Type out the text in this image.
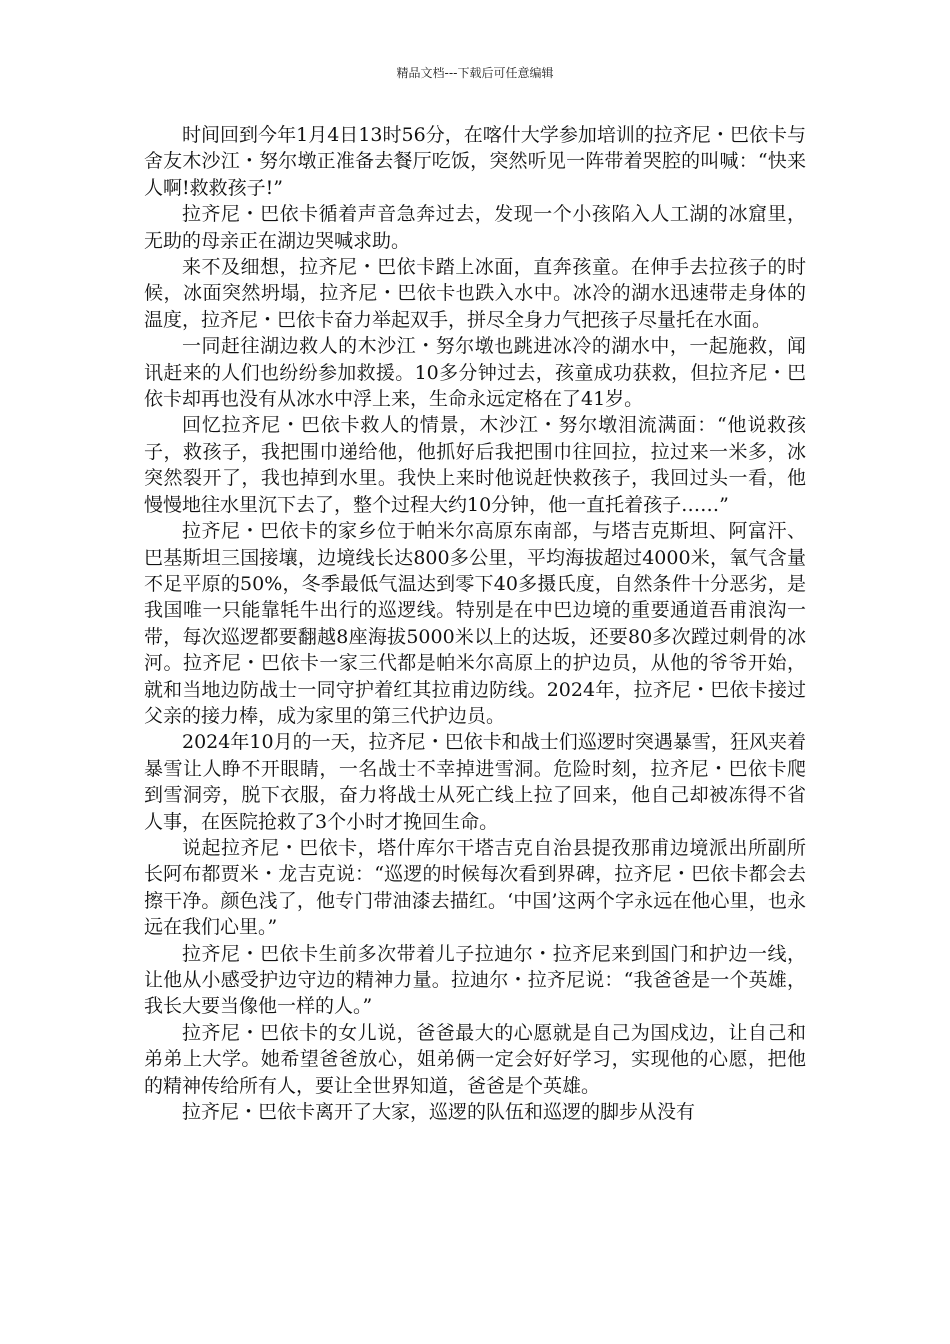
精品文档---下载后可任意编辑

时间回到今年1月4日13时56分，在喀什大学参加培训的拉齐尼・巴依卡与舍友木沙江・努尔墩正准备去餐厅吃饭，突然听见一阵带着哭腔的叫喊：“快来人啊!救救孩子!”

拉齐尼・巴依卡循着声音急奔过去，发现一个小孩陷入人工湖的冰窟里，无助的母亲正在湖边哭喊求助。

来不及细想，拉齐尼・巴依卡踏上冰面，直奔孩童。在伸手去拉孩子的时候，冰面突然坍塌，拉齐尼・巴依卡也跌入水中。冰冷的湖水迅速带走身体的温度，拉齐尼・巴依卡奋力举起双手，拼尽全身力气把孩子尽量托在水面。

一同赶往湖边救人的木沙江・努尔墩也跳进冰冷的湖水中，一起施救，闻讯赶来的人们也纷纷参加救援。10多分钟过去，孩童成功获救，但拉齐尼・巴依卡却再也没有从冰水中浮上来，生命永远定格在了41岁。

回忆拉齐尼・巴依卡救人的情景，木沙江・努尔墩泪流满面：“他说救孩子，救孩子，我把围巾递给他，他抓好后我把围巾往回拉，拉过来一米多，冰突然裂开了，我也掉到水里。我快上来时他说赶快救孩子，我回过头一看，他慢慢地往水里沉下去了，整个过程大约10分钟，他一直托着孩子……”

拉齐尼・巴依卡的家乡位于帕米尔高原东南部，与塔吉克斯坦、阿富汗、巴基斯坦三国接壤，边境线长达800多公里，平均海拔超过4000米，氧气含量不足平原的50%，冬季最低气温达到零下40多摄氏度，自然条件十分恶劣，是我国唯一只能靠牦牛出行的巡逻线。特别是在中巴边境的重要通道吾甫浪沟一带，每次巡逻都要翻越8座海拔5000米以上的达坂，还要80多次蹚过刺骨的冰河。拉齐尼・巴依卡一家三代都是帕米尔高原上的护边员，从他的爷爷开始，就和当地边防战士一同守护着红其拉甫边防线。2024年，拉齐尼・巴依卡接过父亲的接力棒，成为家里的第三代护边员。

2024年10月的一天，拉齐尼・巴依卡和战士们巡逻时突遇暴雪，狂风夹着暴雪让人睁不开眼睛，一名战士不幸掉进雪洞。危险时刻，拉齐尼・巴依卡爬到雪洞旁，脱下衣服，奋力将战士从死亡线上拉了回来，他自己却被冻得不省人事，在医院抢救了3个小时才挽回生命。

说起拉齐尼・巴依卡，塔什库尔干塔吉克自治县提孜那甫边境派出所副所长阿布都贾米・龙吉克说：“巡逻的时候每次看到界碑，拉齐尼・巴依卡都会去擦干净。颜色浅了，他专门带油漆去描红。‘中国’这两个字永远在他心里，也永远在我们心里。”

拉齐尼・巴依卡生前多次带着儿子拉迪尔・拉齐尼来到国门和护边一线，让他从小感受护边守边的精神力量。拉迪尔・拉齐尼说：“我爸爸是一个英雄，我长大要当像他一样的人。”

拉齐尼・巴依卡的女儿说，爸爸最大的心愿就是自己为国戍边，让自己和弟弟上大学。她希望爸爸放心，姐弟俩一定会好好学习，实现他的心愿，把他的精神传给所有人，要让全世界知道，爸爸是个英雄。

拉齐尼・巴依卡离开了大家，巡逻的队伍和巡逻的脚步从没有
